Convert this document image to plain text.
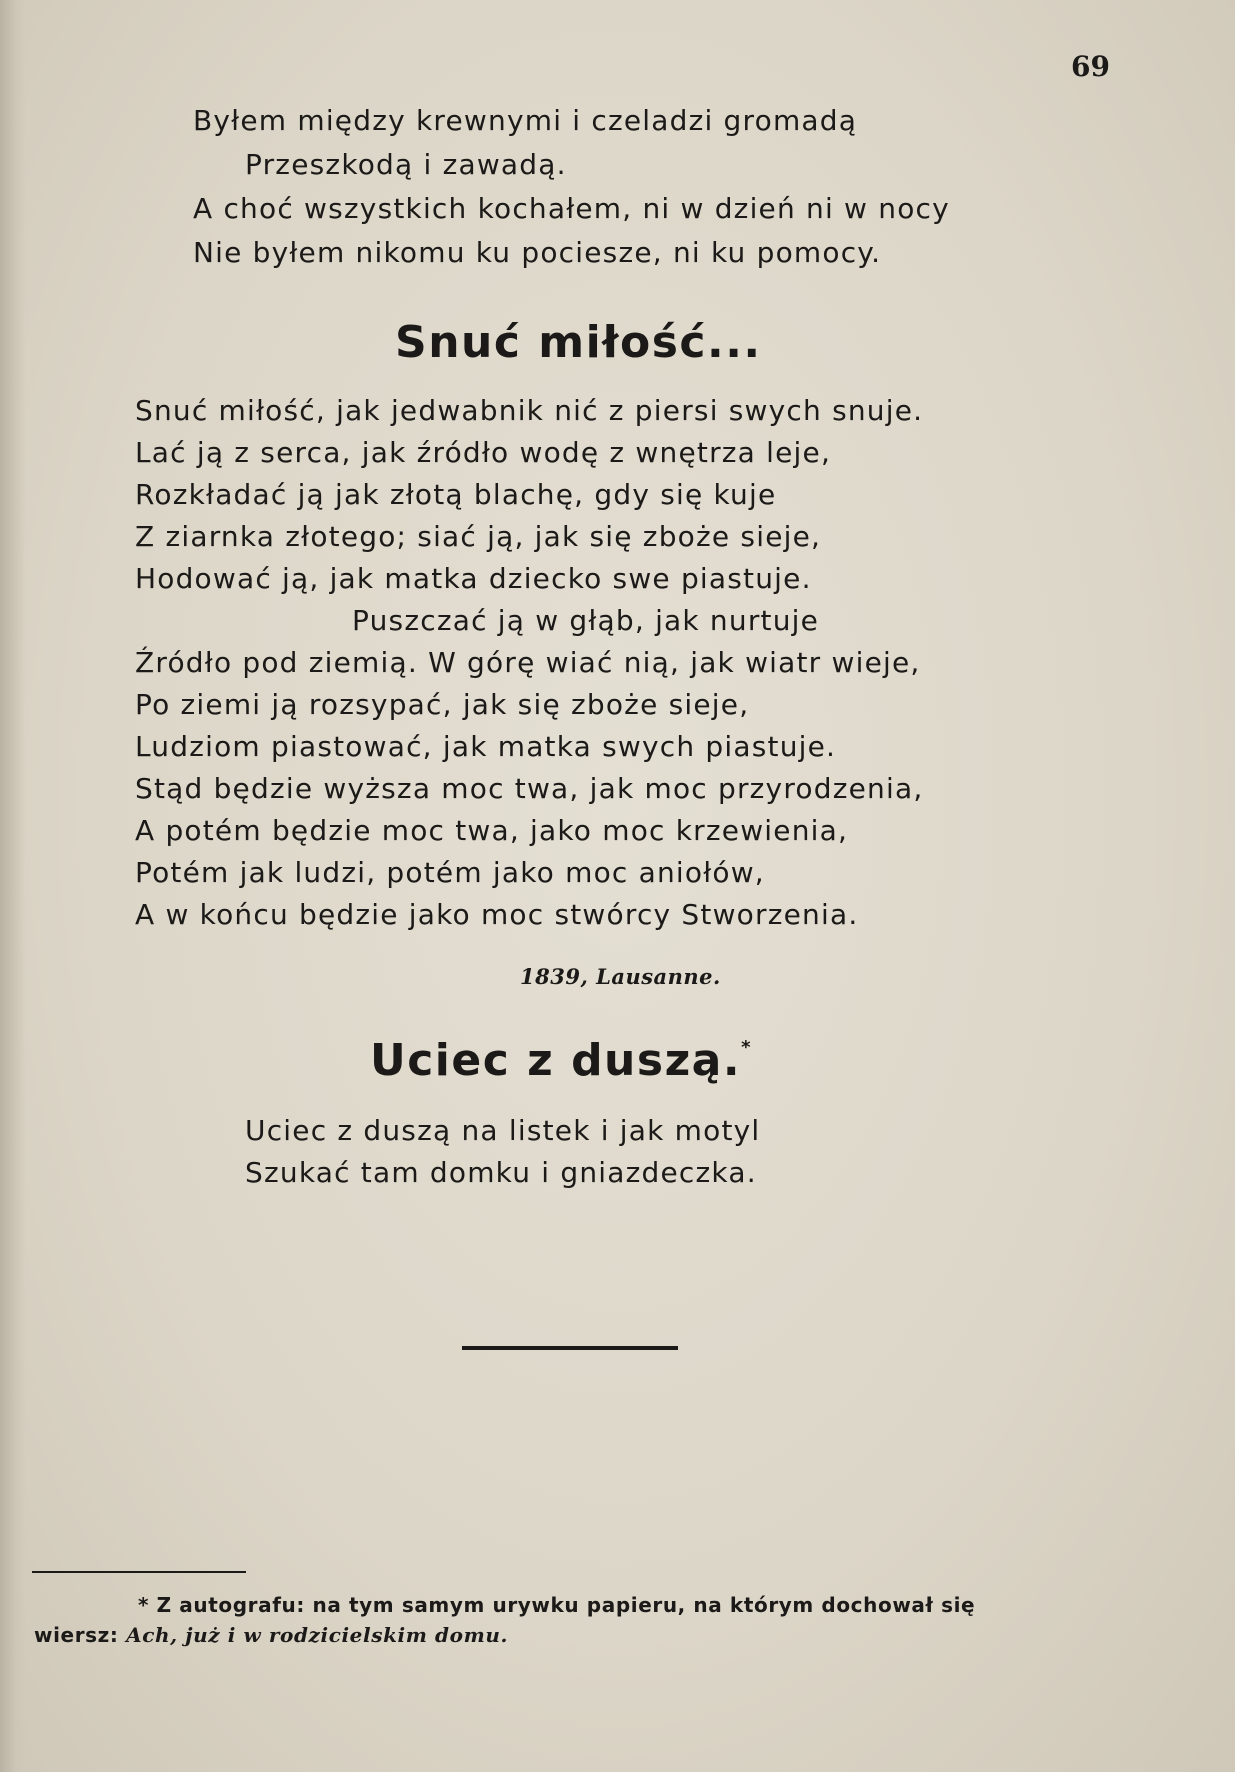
69
Byłem między krewnymi i czeladzi gromadą
Przeszkodą i zawadą.
A choć wszystkich kochałem, ni w dzień ni w nocy
Nie byłem nikomu ku pociesze, ni ku pomocy.
Snuć miłość...
Snuć miłość, jak jedwabnik nić z piersi swych snuje.
Lać ją z serca, jak źródło wodę z wnętrza leje,
Rozkładać ją jak złotą blachę, gdy się kuje
Z ziarnka złotego; siać ją, jak się zboże sieje,
Hodować ją, jak matka dziecko swe piastuje.
Puszczać ją w głąb, jak nurtuje
Źródło pod ziemią. W górę wiać nią, jak wiatr wieje,
Po ziemi ją rozsypać, jak się zboże sieje,
Ludziom piastować, jak matka swych piastuje.
Stąd będzie wyższa moc twa, jak moc przyrodzenia,
A potém będzie moc twa, jako moc krzewienia,
Potém jak ludzi, potém jako moc aniołów,
A w końcu będzie jako moc stwórcy Stworzenia.
1839, Lausanne.
Uciec z duszą.*
Uciec z duszą na listek i jak motyl
Szukać tam domku i gniazdeczka.
* Z autografu: na tym samym urywku papieru, na którym dochował się
wiersz: Ach, już i w rodzicielskim domu.
